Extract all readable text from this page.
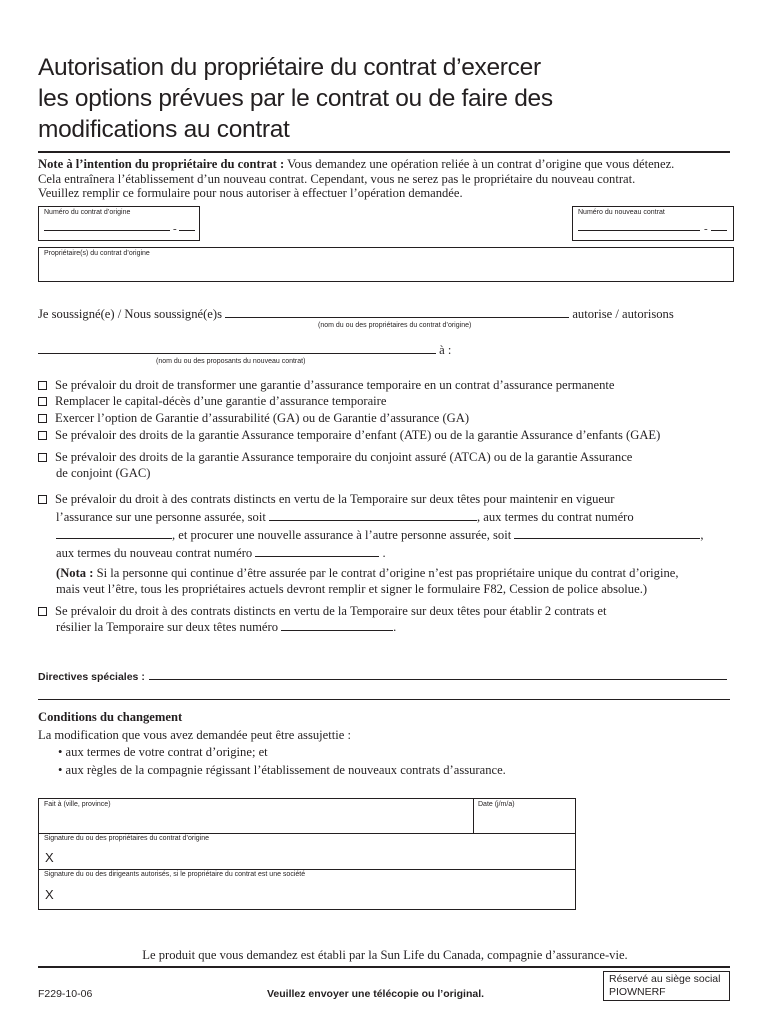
Autorisation du propriétaire du contrat d’exercer
les options prévues par le contrat ou de faire des
modifications au contrat
Note à l’intention du propriétaire du contrat : Vous demandez une opération reliée à un contrat d’origine que vous détenez.
Cela entraînera l’établissement d’un nouveau contrat. Cependant, vous ne serez pas le propriétaire du nouveau contrat.
Veuillez remplir ce formulaire pour nous autoriser à effectuer l’opération demandée.
Numéro du contrat d’origine
-
Numéro du nouveau contrat
-
Propriétaire(s) du contrat d’origine
Je soussigné(e) / Nous soussigné(e)s	autorise / autorisons
(nom du ou des propriétaires du contrat d’origine)
à :
(nom du ou des proposants du nouveau contrat)
Se prévaloir du droit de transformer une garantie d’assurance temporaire en un contrat d’assurance permanente
Remplacer le capital-décès d’une garantie d’assurance temporaire
Exercer l’option de Garantie d’assurabilité (GA) ou de Garantie d’assurance (GA)
Se prévaloir des droits de la garantie Assurance temporaire d’enfant (ATE) ou de la garantie Assurance d’enfants (GAE)
Se prévaloir des droits de la garantie Assurance temporaire du conjoint assuré (ATCA) ou de la garantie Assurance
de conjoint (GAC)
Se prévaloir du droit à des contrats distincts en vertu de la Temporaire sur deux têtes pour maintenir en vigueur
l’assurance sur une personne assurée, soit	, aux termes du contrat numéro
, et procurer une nouvelle assurance à l’autre personne assurée, soit	,
aux termes du nouveau contrat numéro	.
(Nota : Si la personne qui continue d’être assurée par le contrat d’origine n’est pas propriétaire unique du contrat d’origine,
mais veut l’être, tous les propriétaires actuels devront remplir et signer le formulaire F82, Cession de police absolue.)
Se prévaloir du droit à des contrats distincts en vertu de la Temporaire sur deux têtes pour établir 2 contrats et
résilier la Temporaire sur deux têtes numéro	.
Directives spéciales :
Conditions du changement
La modification que vous avez demandée peut être assujettie :
• aux termes de votre contrat d’origine; et
• aux règles de la compagnie régissant l’établissement de nouveaux contrats d’assurance.
Fait à (ville, province)	Date (j/m/a)
Signature du ou des propriétaires du contrat d’origine
X
Signature du ou des dirigeants autorisés, si le propriétaire du contrat est une société
X
Le produit que vous demandez est établi par la Sun Life du Canada, compagnie d’assurance-vie.
F229-10-06	Veuillez envoyer une télécopie ou l’original.
Réservé au siège social
PIOWNERF
